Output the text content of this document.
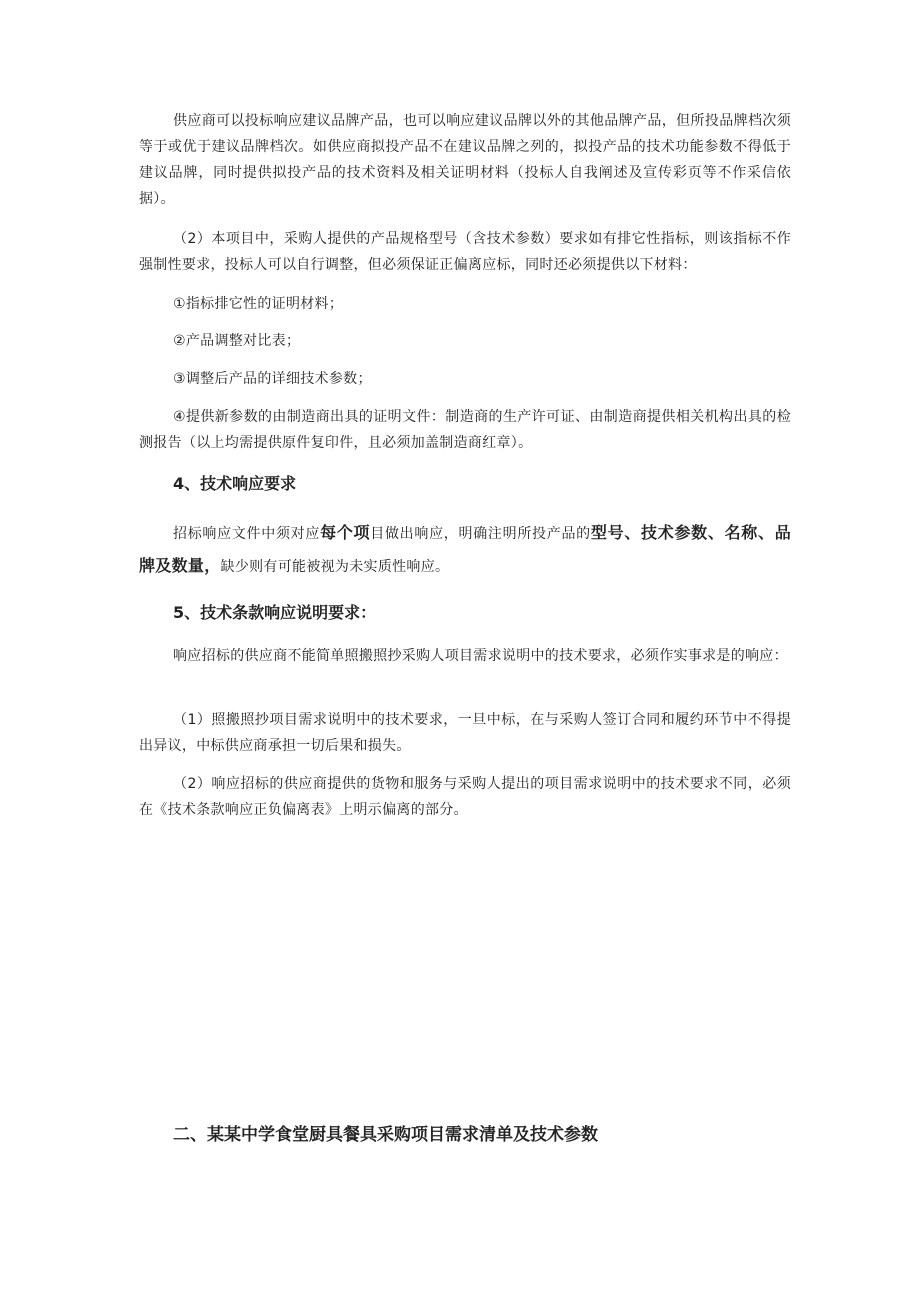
供应商可以投标响应建议品牌产品，也可以响应建议品牌以外的其他品牌产品，但所投品牌档次须等于或优于建议品牌档次。如供应商拟投产品不在建议品牌之列的，拟投产品的技术功能参数不得低于建议品牌，同时提供拟投产品的技术资料及相关证明材料（投标人自我阐述及宣传彩页等不作采信依据）。

（2）本项目中，采购人提供的产品规格型号（含技术参数）要求如有排它性指标，则该指标不作强制性要求，投标人可以自行调整，但必须保证正偏离应标，同时还必须提供以下材料：

①指标排它性的证明材料；

②产品调整对比表；

③调整后产品的详细技术参数；

④提供新参数的由制造商出具的证明文件：制造商的生产许可证、由制造商提供相关机构出具的检测报告（以上均需提供原件复印件，且必须加盖制造商红章）。

4、技术响应要求

招标响应文件中须对应每个项目做出响应，明确注明所投产品的型号、技术参数、名称、品牌及数量，缺少则有可能被视为未实质性响应。

5、技术条款响应说明要求：

响应招标的供应商不能简单照搬照抄采购人项目需求说明中的技术要求，必须作实事求是的响应：

（1）照搬照抄项目需求说明中的技术要求，一旦中标，在与采购人签订合同和履约环节中不得提出异议，中标供应商承担一切后果和损失。

（2）响应招标的供应商提供的货物和服务与采购人提出的项目需求说明中的技术要求不同，必须在《技术条款响应正负偏离表》上明示偏离的部分。

二、某某中学食堂厨具餐具采购项目需求清单及技术参数
